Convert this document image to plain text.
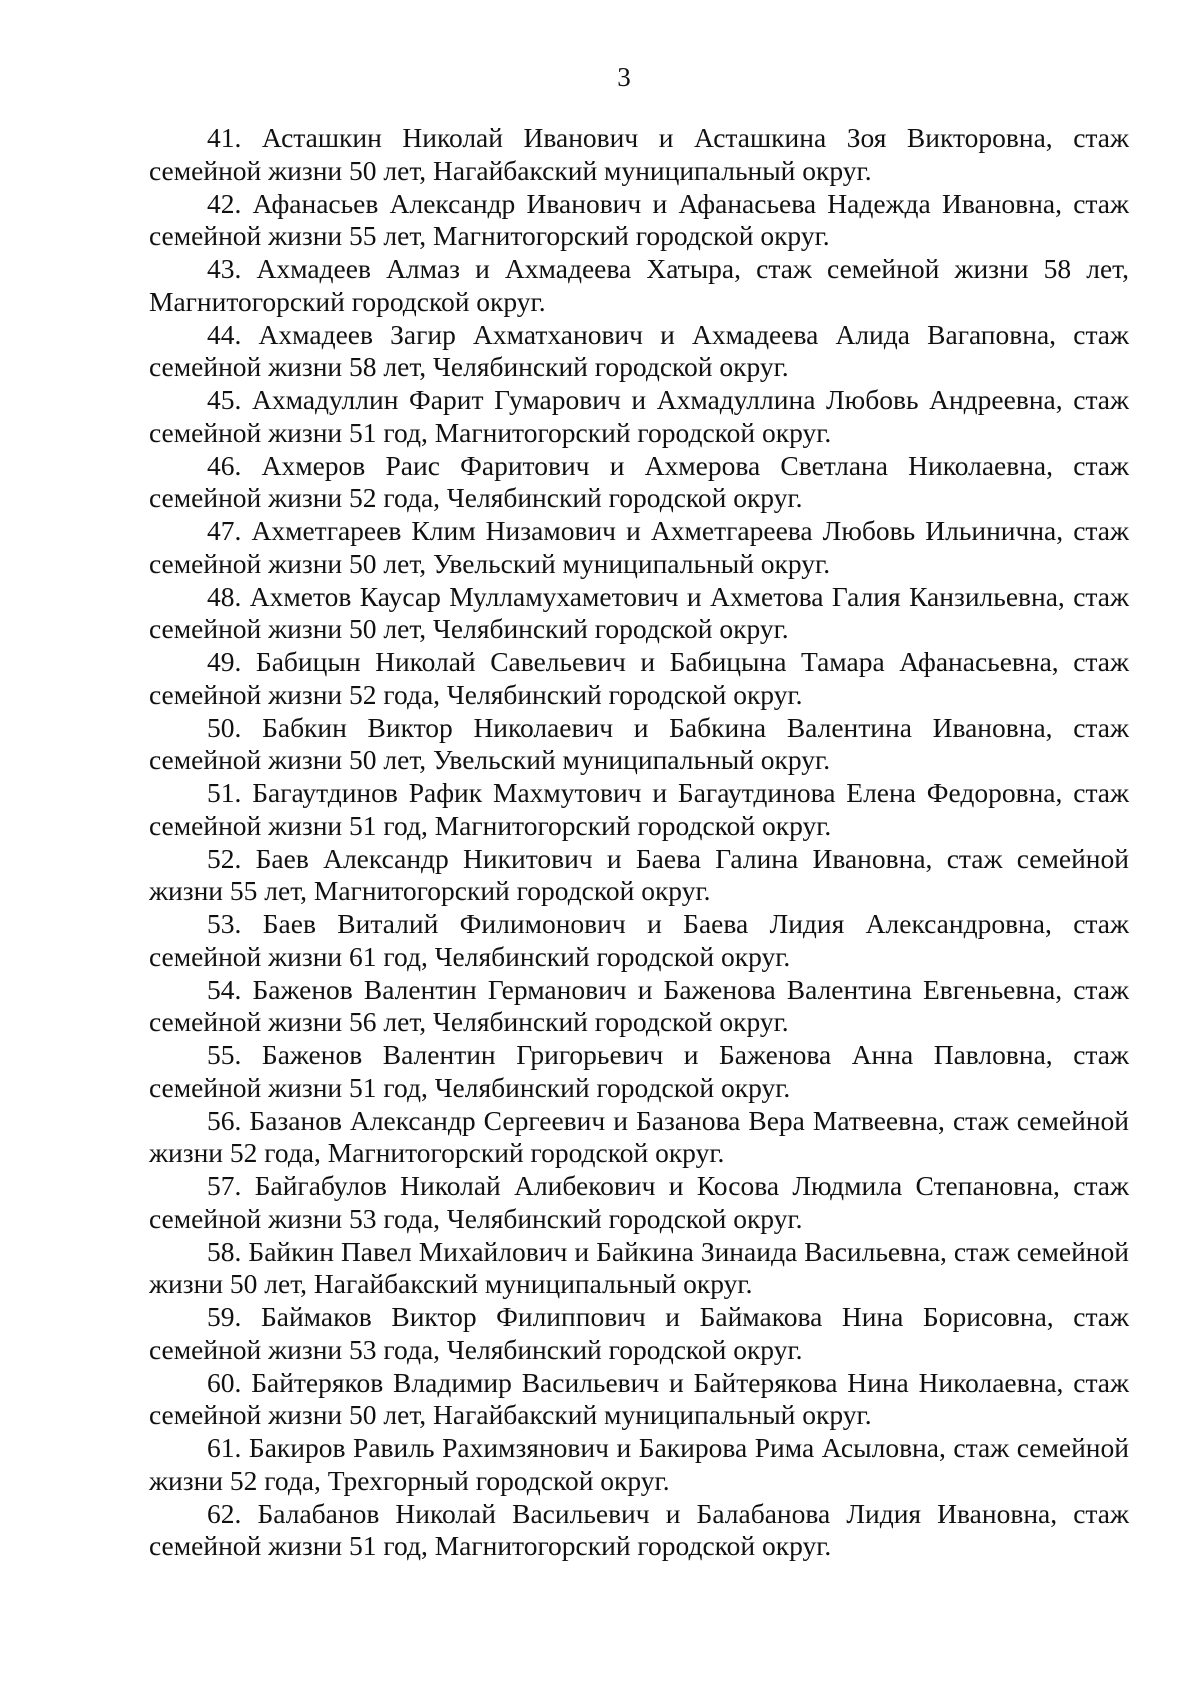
3

41. Асташкин Николай Иванович и Асташкина Зоя Викторовна, стаж семейной жизни 50 лет, Нагайбакский муниципальный округ.

42. Афанасьев Александр Иванович и Афанасьева Надежда Ивановна, стаж семейной жизни 55 лет, Магнитогорский городской округ.

43. Ахмадеев Алмаз и Ахмадеева Хатыра, стаж семейной жизни 58 лет, Магнитогорский городской округ.

44. Ахмадеев Загир Ахматханович и Ахмадеева Алида Вагаповна, стаж семейной жизни 58 лет, Челябинский городской округ.

45. Ахмадуллин Фарит Гумарович и Ахмадуллина Любовь Андреевна, стаж семейной жизни 51 год, Магнитогорский городской округ.

46. Ахмеров Раис Фаритович и Ахмерова Светлана Николаевна, стаж семейной жизни 52 года, Челябинский городской округ.

47. Ахметгареев Клим Низамович и Ахметгареева Любовь Ильинична, стаж семейной жизни 50 лет, Увельский муниципальный округ.

48. Ахметов Каусар Мулламухаметович и Ахметова Галия Канзильевна, стаж семейной жизни 50 лет, Челябинский городской округ.

49. Бабицын Николай Савельевич и Бабицына Тамара Афанасьевна, стаж семейной жизни 52 года, Челябинский городской округ.

50. Бабкин Виктор Николаевич и Бабкина Валентина Ивановна, стаж семейной жизни 50 лет, Увельский муниципальный округ.

51. Багаутдинов Рафик Махмутович и Багаутдинова Елена Федоровна, стаж семейной жизни 51 год, Магнитогорский городской округ.

52. Баев Александр Никитович и Баева Галина Ивановна, стаж семейной жизни 55 лет, Магнитогорский городской округ.

53. Баев Виталий Филимонович и Баева Лидия Александровна, стаж семейной жизни 61 год, Челябинский городской округ.

54. Баженов Валентин Германович и Баженова Валентина Евгеньевна, стаж семейной жизни 56 лет, Челябинский городской округ.

55. Баженов Валентин Григорьевич и Баженова Анна Павловна, стаж семейной жизни 51 год, Челябинский городской округ.

56. Базанов Александр Сергеевич и Базанова Вера Матвеевна, стаж семейной жизни 52 года, Магнитогорский городской округ.

57. Байгабулов Николай Алибекович и Косова Людмила Степановна, стаж семейной жизни 53 года, Челябинский городской округ.

58. Байкин Павел Михайлович и Байкина Зинаида Васильевна, стаж семейной жизни 50 лет, Нагайбакский муниципальный округ.

59. Баймаков Виктор Филиппович и Баймакова Нина Борисовна, стаж семейной жизни 53 года, Челябинский городской округ.

60. Байтеряков Владимир Васильевич и Байтерякова Нина Николаевна, стаж семейной жизни 50 лет, Нагайбакский муниципальный округ.

61. Бакиров Равиль Рахимзянович и Бакирова Рима Асыловна, стаж семейной жизни 52 года, Трехгорный городской округ.

62. Балабанов Николай Васильевич и Балабанова Лидия Ивановна, стаж семейной жизни 51 год, Магнитогорский городской округ.
